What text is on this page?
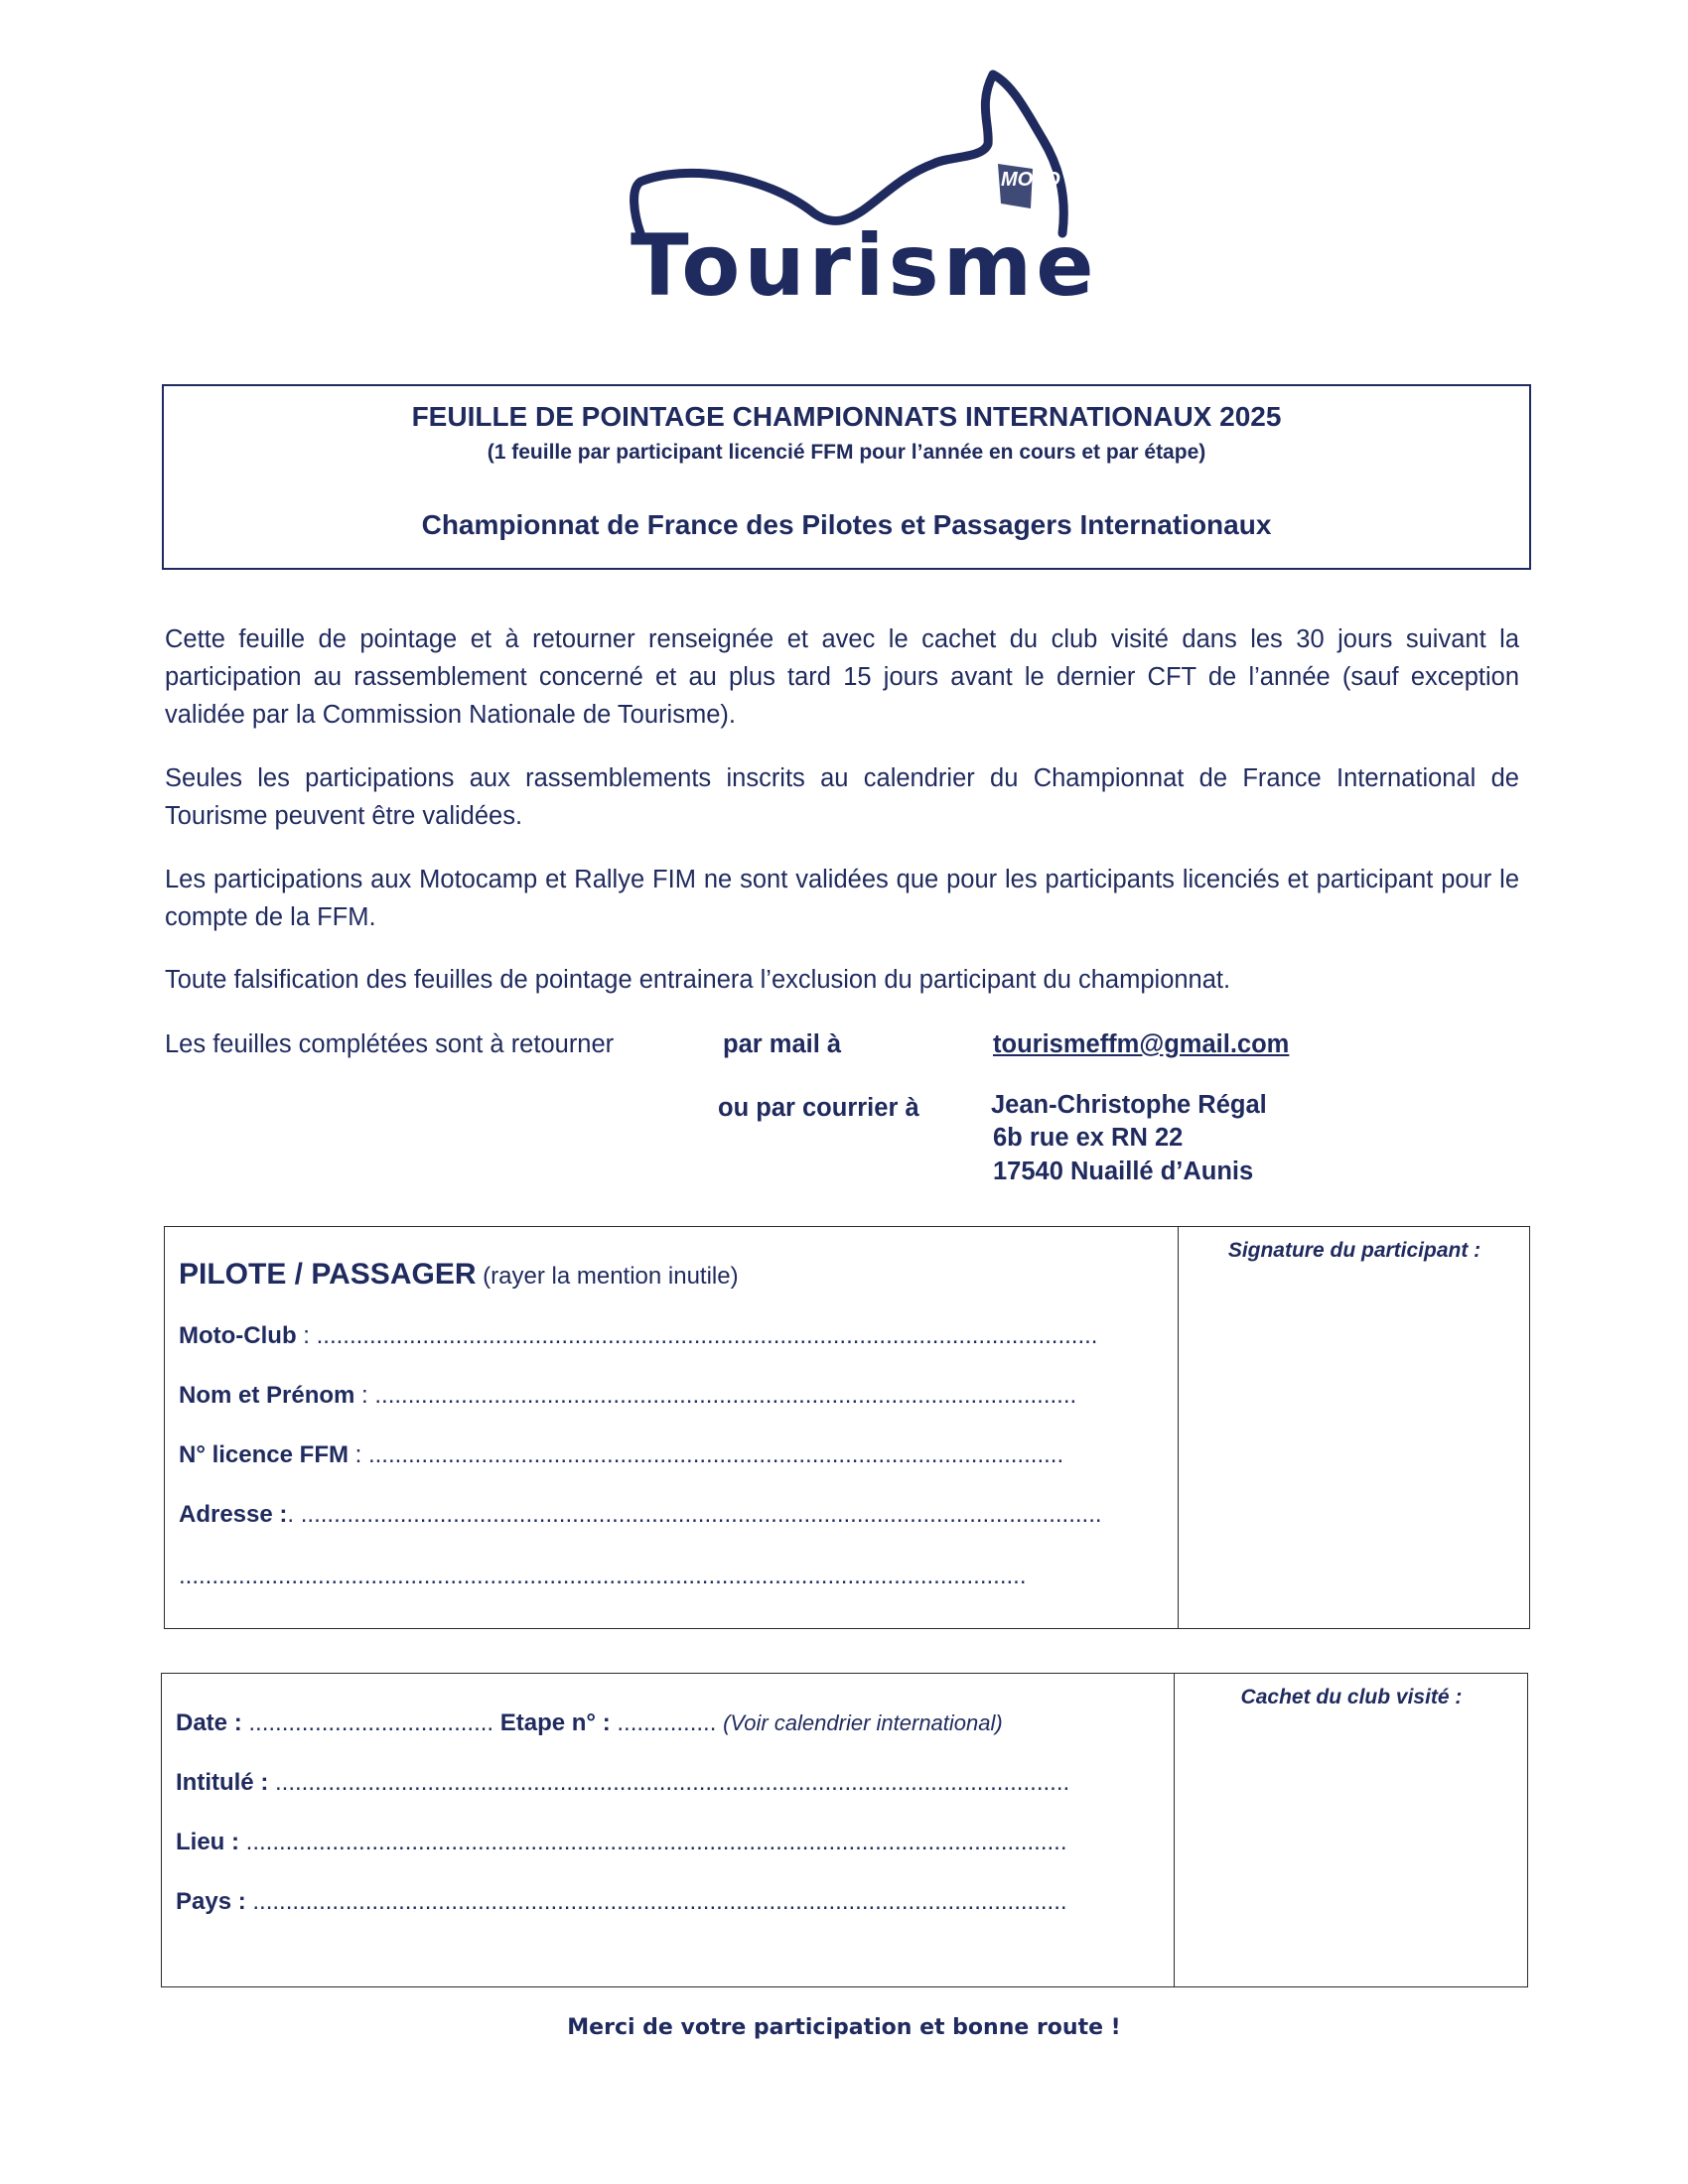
MOTO
Tourisme
FEUILLE DE POINTAGE CHAMPIONNATS INTERNATIONAUX 2025
(1 feuille par participant licencié FFM pour l’année en cours et par étape)
Championnat de France des Pilotes et Passagers Internationaux
Cette feuille de pointage et à retourner renseignée et avec le cachet du club visité dans les 30 jours suivant la participation au rassemblement concerné et au plus tard 15 jours avant le dernier CFT de l’année (sauf exception validée par la Commission Nationale de Tourisme).
Seules les participations aux rassemblements inscrits au calendrier du Championnat de France International de Tourisme peuvent être validées.
Les participations aux Motocamp et Rallye FIM ne sont validées que pour les participants licenciés et participant pour le compte de la FFM.
Toute falsification des feuilles de pointage entrainera l’exclusion du participant du championnat.
Les feuilles complétées sont à retourner	par mail à	tourismeffm@gmail.com
ou par courrier à	Jean-Christophe Régal
6b rue ex RN 22
17540 Nuaillé d’Aunis
Signature du participant :
PILOTE / PASSAGER (rayer la mention inutile)
Moto-Club : ......................................................................................................................
Nom et Prénom : ..........................................................................................................
N° licence FFM : .........................................................................................................
Adresse :. .........................................................................................................................
................................................................................................................................
Cachet du club visité :
Date : ..................................... Etape n° : ............... (Voir calendrier international)
Intitulé : ........................................................................................................................
Lieu : ............................................................................................................................
Pays : ...........................................................................................................................
Merci de votre participation et bonne route !
